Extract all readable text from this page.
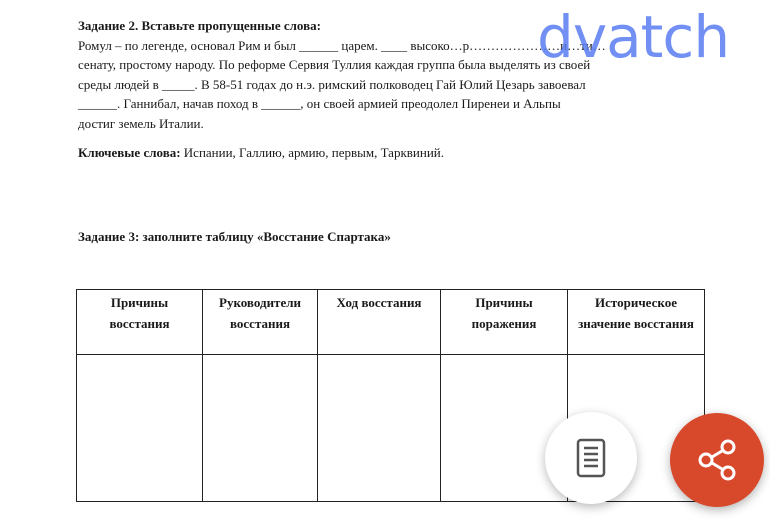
Задание 2. Вставьте пропущенные слова:
Ромул – по легенде, основал Рим и был ______ царем. ____ высоко…р…………………и…ти…
сенату, простому народу. По реформе Сервия Туллия каждая группа была выделять из своей
среды людей в _____. В 58-51 годах до н.э. римский полководец Гай Юлий Цезарь завоевал
______. Ганнибал, начав поход в ______, он своей армией преодолел Пиренеи и Альпы
достиг земель Италии.
Ключевые слова: Испании, Галлию, армию, первым, Тарквиний.
Задание 3: заполните таблицу «Восстание Спартака»
Причины восстания	Руководители восстания	Ход восстания	Причины поражения	Историческое значение восстания

dvatch
